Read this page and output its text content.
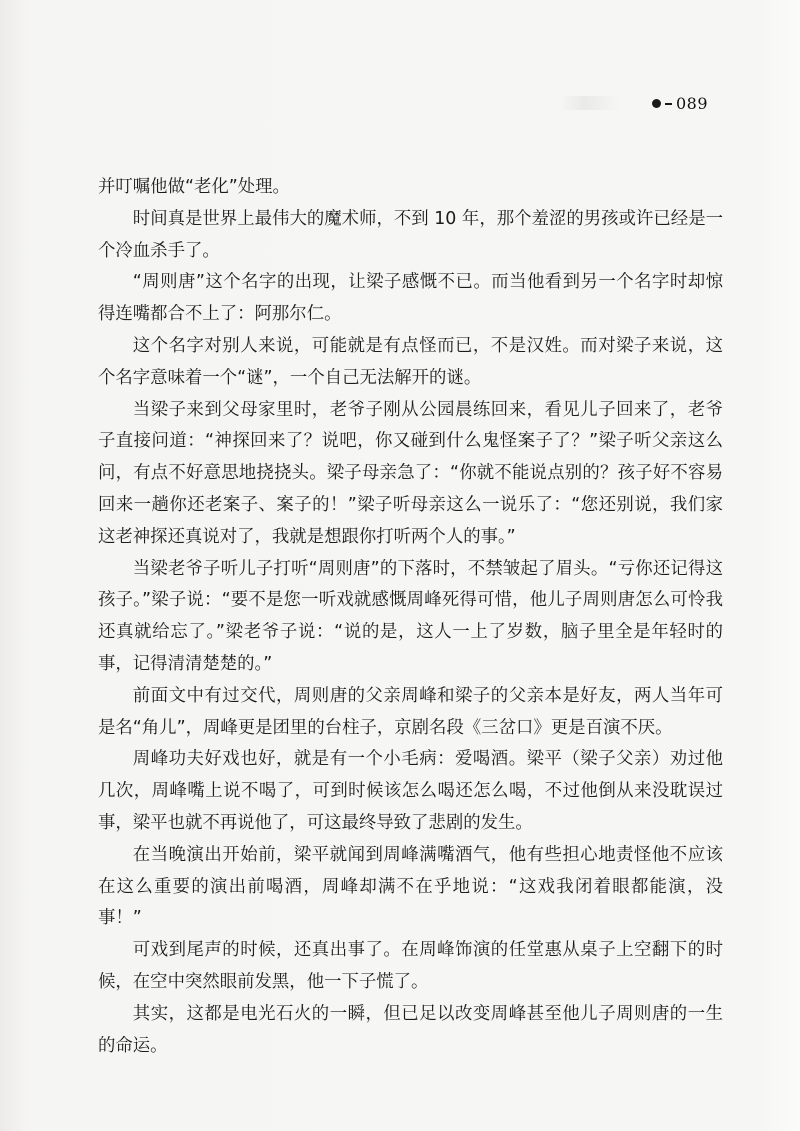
089

并叮嘱他做“老化”处理。

时间真是世界上最伟大的魔术师，不到 10 年，那个羞涩的男孩或许已经是一个冷血杀手了。

“周则唐”这个名字的出现，让梁子感慨不已。而当他看到另一个名字时却惊得连嘴都合不上了：阿那尔仁。

这个名字对别人来说，可能就是有点怪而已，不是汉姓。而对梁子来说，这个名字意味着一个“谜”，一个自己无法解开的谜。

当梁子来到父母家里时，老爷子刚从公园晨练回来，看见儿子回来了，老爷子直接问道：“神探回来了？说吧，你又碰到什么鬼怪案子了？”梁子听父亲这么问，有点不好意思地挠挠头。梁子母亲急了：“你就不能说点别的？孩子好不容易回来一趟你还老案子、案子的！”梁子听母亲这么一说乐了：“您还别说，我们家这老神探还真说对了，我就是想跟你打听两个人的事。”

当梁老爷子听儿子打听“周则唐”的下落时，不禁皱起了眉头。“亏你还记得这孩子。”梁子说：“要不是您一听戏就感慨周峰死得可惜，他儿子周则唐怎么可怜我还真就给忘了。”梁老爷子说：“说的是，这人一上了岁数，脑子里全是年轻时的事，记得清清楚楚的。”

前面文中有过交代，周则唐的父亲周峰和梁子的父亲本是好友，两人当年可是名“角儿”，周峰更是团里的台柱子，京剧名段《三岔口》更是百演不厌。

周峰功夫好戏也好，就是有一个小毛病：爱喝酒。梁平（梁子父亲）劝过他几次，周峰嘴上说不喝了，可到时候该怎么喝还怎么喝，不过他倒从来没耽误过事，梁平也就不再说他了，可这最终导致了悲剧的发生。

在当晚演出开始前，梁平就闻到周峰满嘴酒气，他有些担心地责怪他不应该在这么重要的演出前喝酒，周峰却满不在乎地说：“这戏我闭着眼都能演，没事！”

可戏到尾声的时候，还真出事了。在周峰饰演的任堂惠从桌子上空翻下的时候，在空中突然眼前发黑，他一下子慌了。

其实，这都是电光石火的一瞬，但已足以改变周峰甚至他儿子周则唐的一生的命运。
